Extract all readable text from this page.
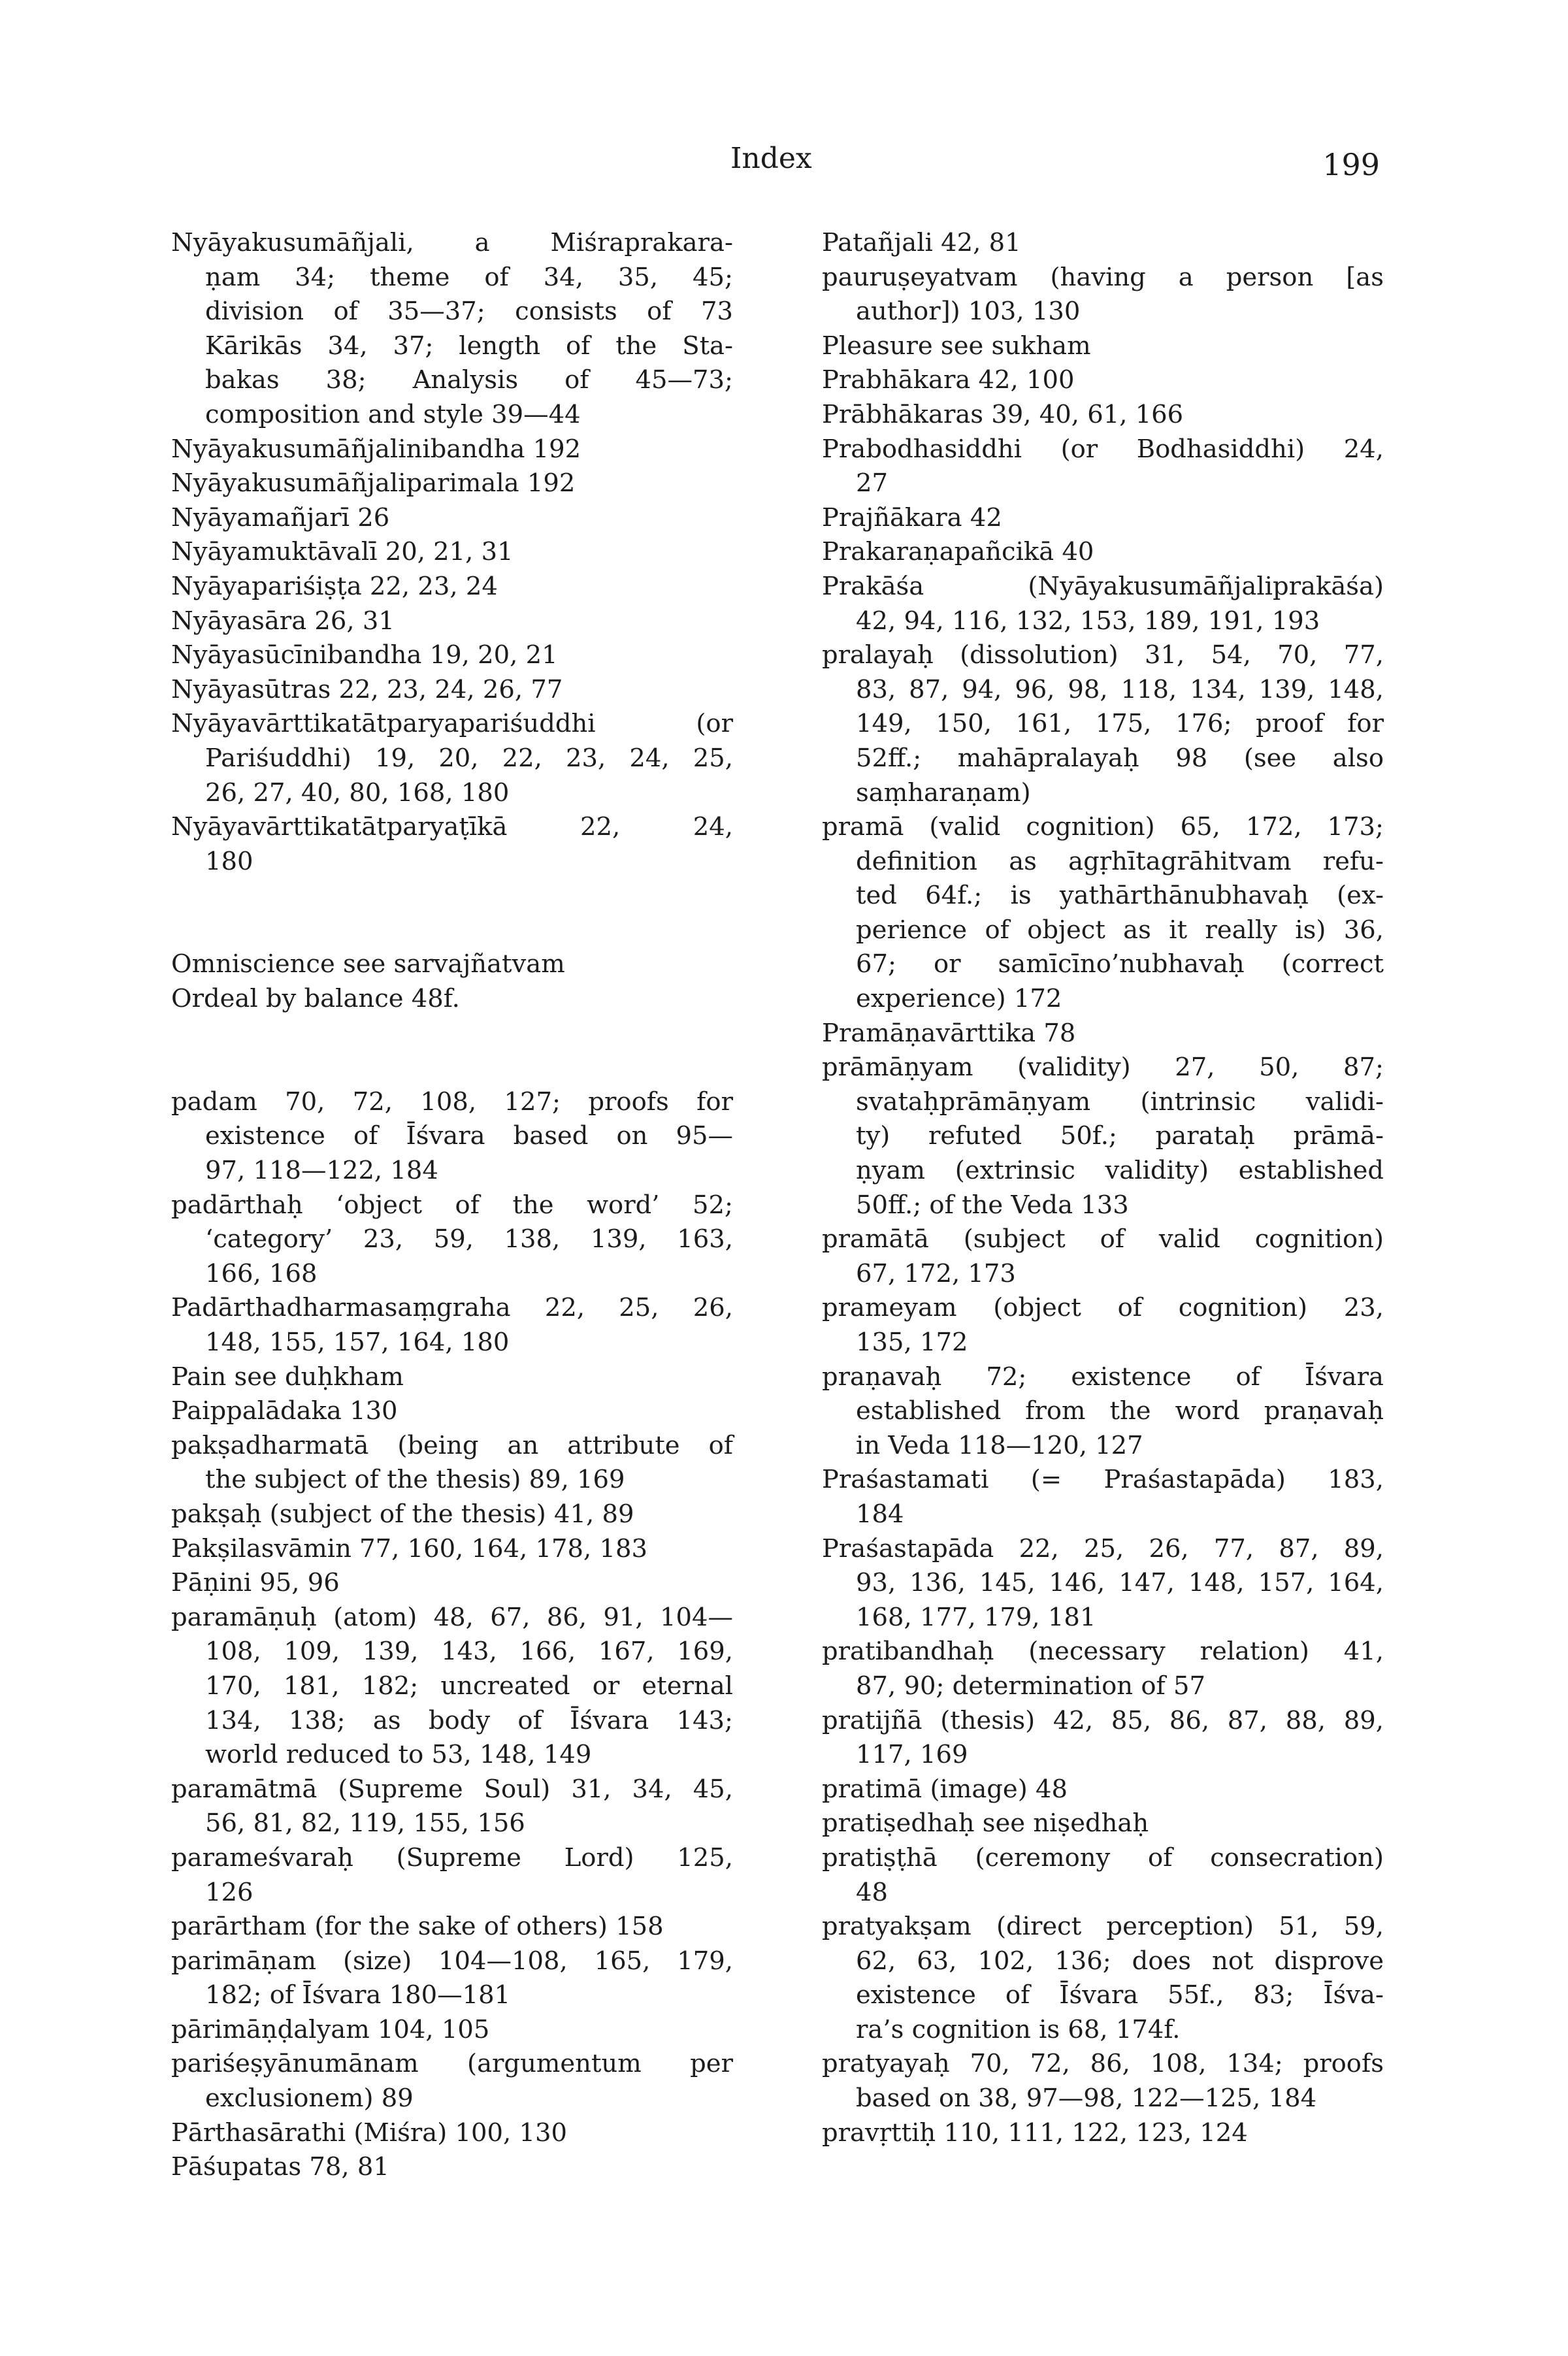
Index	199
Nyāyakusumāñjali, a Miśraprakara-
ṇam 34; theme of 34, 35, 45;
division of 35—37; consists of 73
Kārikās 34, 37; length of the Sta-
bakas 38; Analysis of 45—73;
composition and style 39—44
Nyāyakusumāñjalinibandha 192
Nyāyakusumāñjaliparimala 192
Nyāyamañjarī 26
Nyāyamuktāvalī 20, 21, 31
Nyāyapariśiṣṭa 22, 23, 24
Nyāyasāra 26, 31
Nyāyasūcīnibandha 19, 20, 21
Nyāyasūtras 22, 23, 24, 26, 77
Nyāyavārttikatātparyapariśuddhi (or
Pariśuddhi) 19, 20, 22, 23, 24, 25,
26, 27, 40, 80, 168, 180
Nyāyavārttikatātparyaṭīkā 22, 24,
180
Omniscience see sarvajñatvam
Ordeal by balance 48f.
padam 70, 72, 108, 127; proofs for
existence of Īśvara based on 95—
97, 118—122, 184
padārthaḥ ‘object of the word’ 52;
‘category’ 23, 59, 138, 139, 163,
166, 168
Padārthadharmasaṃgraha 22, 25, 26,
148, 155, 157, 164, 180
Pain see duḥkham
Paippalādaka 130
pakṣadharmatā (being an attribute of
the subject of the thesis) 89, 169
pakṣaḥ (subject of the thesis) 41, 89
Pakṣilasvāmin 77, 160, 164, 178, 183
Pāṇini 95, 96
paramāṇuḥ (atom) 48, 67, 86, 91, 104—
108, 109, 139, 143, 166, 167, 169,
170, 181, 182; uncreated or eternal
134, 138; as body of Īśvara 143;
world reduced to 53, 148, 149
paramātmā (Supreme Soul) 31, 34, 45,
56, 81, 82, 119, 155, 156
parameśvaraḥ (Supreme Lord) 125,
126
parārtham (for the sake of others) 158
parimāṇam (size) 104—108, 165, 179,
182; of Īśvara 180—181
pārimāṇḍalyam 104, 105
pariśeṣyānumānam (argumentum per
exclusionem) 89
Pārthasārathi (Miśra) 100, 130
Pāśupatas 78, 81
Patañjali 42, 81
pauruṣeyatvam (having a person [as
author]) 103, 130
Pleasure see sukham
Prabhākara 42, 100
Prābhākaras 39, 40, 61, 166
Prabodhasiddhi (or Bodhasiddhi) 24,
27
Prajñākara 42
Prakaraṇapañcikā 40
Prakāśa (Nyāyakusumāñjaliprakāśa)
42, 94, 116, 132, 153, 189, 191, 193
pralayaḥ (dissolution) 31, 54, 70, 77,
83, 87, 94, 96, 98, 118, 134, 139, 148,
149, 150, 161, 175, 176; proof for
52ff.; mahāpralayaḥ 98 (see also
saṃharaṇam)
pramā (valid cognition) 65, 172, 173;
definition as agṛhītagrāhitvam refu-
ted 64f.; is yathārthānubhavaḥ (ex-
perience of object as it really is) 36,
67; or samīcīno’nubhavaḥ (correct
experience) 172
Pramāṇavārttika 78
prāmāṇyam (validity) 27, 50, 87;
svataḥprāmāṇyam (intrinsic validi-
ty) refuted 50f.; parataḥ prāmā-
ṇyam (extrinsic validity) established
50ff.; of the Veda 133
pramātā (subject of valid cognition)
67, 172, 173
prameyam (object of cognition) 23,
135, 172
praṇavaḥ 72; existence of Īśvara
established from the word praṇavaḥ
in Veda 118—120, 127
Praśastamati (= Praśastapāda) 183,
184
Praśastapāda 22, 25, 26, 77, 87, 89,
93, 136, 145, 146, 147, 148, 157, 164,
168, 177, 179, 181
pratibandhaḥ (necessary relation) 41,
87, 90; determination of 57
pratijñā (thesis) 42, 85, 86, 87, 88, 89,
117, 169
pratimā (image) 48
pratiṣedhaḥ see niṣedhaḥ
pratiṣṭhā (ceremony of consecration)
48
pratyakṣam (direct perception) 51, 59,
62, 63, 102, 136; does not disprove
existence of Īśvara 55f., 83; Īśva-
ra’s cognition is 68, 174f.
pratyayaḥ 70, 72, 86, 108, 134; proofs
based on 38, 97—98, 122—125, 184
pravṛttiḥ 110, 111, 122, 123, 124
